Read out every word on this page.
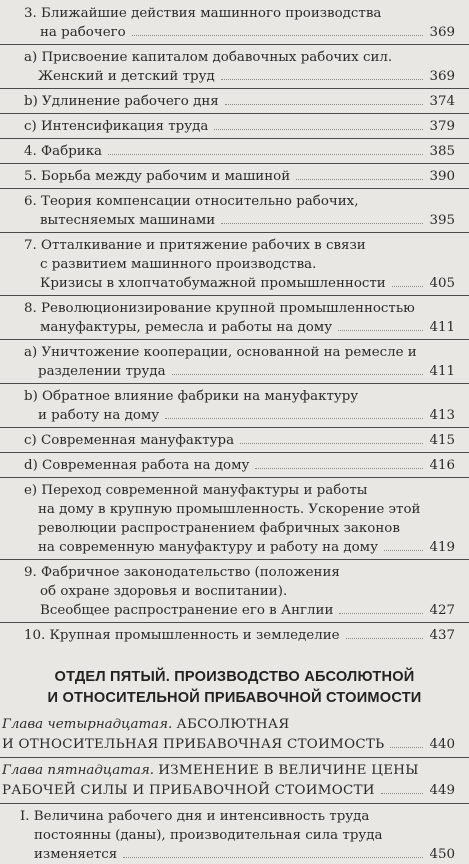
3. Ближайшие действия машинного производства
на рабочего	369
а) Присвоение капиталом добавочных рабочих сил.
Женский и детский труд	369
b) Удлинение рабочего дня	374
c) Интенсификация труда	379
4. Фабрика	385
5. Борьба между рабочим и машиной	390
6. Теория компенсации относительно рабочих,
вытесняемых машинами	395
7. Отталкивание и притяжение рабочих в связи
с развитием машинного производства.
Кризисы в хлопчатобумажной промышленности	405
8. Революционизирование крупной промышленностью
мануфактуры, ремесла и работы на дому	411
а) Уничтожение кооперации, основанной на ремесле и
разделении труда	411
b) Обратное влияние фабрики на мануфактуру
и работу на дому	413
c) Современная мануфактура	415
d) Современная работа на дому	416
е) Переход современной мануфактуры и работы
на дому в крупную промышленность. Ускорение этой
революции распространением фабричных законов
на современную мануфактуру и работу на дому	419
9. Фабричное законодательство (положения
об охране здоровья и воспитании).
Всеобщее распространение его в Англии	427
10. Крупная промышленность и земледелие	437
ОТДЕЛ ПЯТЫЙ. ПРОИЗВОДСТВО АБСОЛЮТНОЙ
И ОТНОСИТЕЛЬНОЙ ПРИБАВОЧНОЙ СТОИМОСТИ
Глава четырнадцатая.
АБСОЛЮТНАЯ
И ОТНОСИТЕЛЬНАЯ ПРИБАВОЧНАЯ СТОИМОСТЬ	440
Глава пятнадцатая.
ИЗМЕНЕНИЕ В ВЕЛИЧИНЕ ЦЕНЫ
РАБОЧЕЙ СИЛЫ И ПРИБАВОЧНОЙ СТОИМОСТИ	449
I. Величина рабочего дня и интенсивность труда
постоянны (даны), производительная сила труда
изменяется	450
